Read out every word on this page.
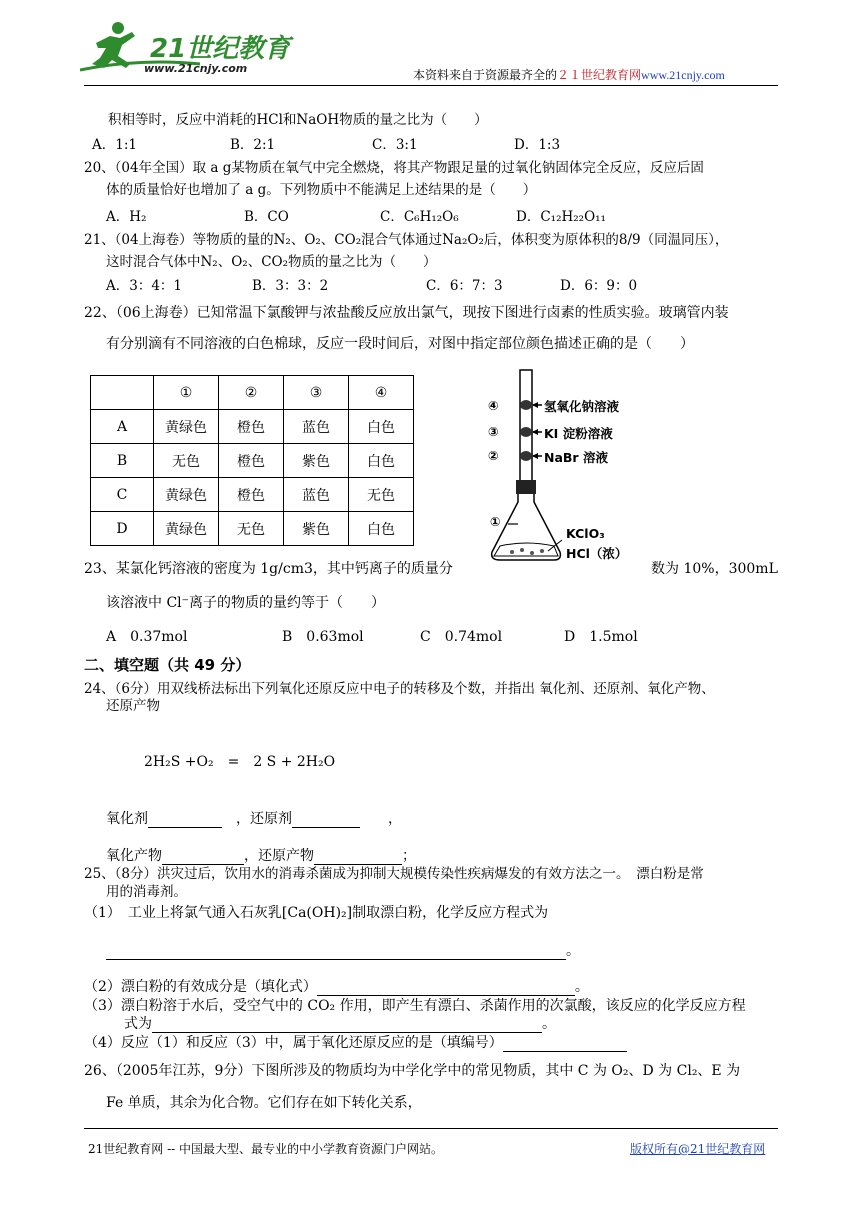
21世纪教育
www.21cnjy.com	本资料来自于资源最齐全的２１世纪教育网www.21cnjy.com
积相等时，反应中消耗的HCl和NaOH物质的量之比为（　　）
A．1:1	B．2:1	C．3:1	D．1:3
20、（04年全国）取 a g某物质在氧气中完全燃烧，将其产物跟足量的过氧化钠固体完全反应，反应后固
体的质量恰好也增加了 a g。下列物质中不能满足上述结果的是（　　）
A．H₂	B．CO	C．C₆H₁₂O₆	D．C₁₂H₂₂O₁₁
21、（04上海卷）等物质的量的N₂、O₂、CO₂混合气体通过Na₂O₂后，体积变为原体积的8/9（同温同压），
这时混合气体中N₂、O₂、CO₂物质的量之比为（　　）
A．3：4：1	B．3：3：2	C．6：7：3	D．6：9：0
22、（06上海卷）已知常温下氯酸钾与浓盐酸反应放出氯气，现按下图进行卤素的性质实验。玻璃管内装
有分别滴有不同溶液的白色棉球，反应一段时间后，对图中指定部位颜色描述正确的是（　　）
	①	②	③	④
A	黄绿色	橙色	蓝色	白色
B	无色	橙色	紫色	白色
C	黄绿色	橙色	蓝色	无色
D	黄绿色	无色	紫色	白色
④
③
②
①
氢氧化钠溶液
KI 淀粉溶液
NaBr 溶液
KClO₃
HCl（浓）
23、某氯化钙溶液的密度为 1g/cm3，其中钙离子的质量分	数为 10%，300mL
该溶液中 Cl⁻离子的物质的量约等于（　　）
A　0.37mol	B　0.63mol	C　0.74mol	D　1.5mol
二、填空题（共 49 分）
24、（6分）用双线桥法标出下列氧化还原反应中电子的转移及个数，并指出 氧化剂、还原剂、氧化产物、
还原产物
2H₂S +O₂　=　2 S + 2H₂O
氧化剂 　	，还原剂 　　	，
氧化产物	，还原产物	；
25、（8分）洪灾过后，饮用水的消毒杀菌成为抑制大规模传染性疾病爆发的有效方法之一。　漂白粉是常
用的消毒剂。
（1）　工业上将氯气通入石灰乳[Ca(OH)₂]制取漂白粉，化学反应方程式为
。
（2）漂白粉的有效成分是（填化式）	。
（3）漂白粉溶于水后，受空气中的 CO₂ 作用，即产生有漂白、杀菌作用的次氯酸，该反应的化学反应方程
式为	。
（4）反应（1）和反应（3）中，属于氧化还原反应的是（填编号）
26、（2005年江苏，9分）下图所涉及的物质均为中学化学中的常见物质，其中 C 为 O₂、D 为 Cl₂、E 为
Fe 单质，其余为化合物。它们存在如下转化关系，
21世纪教育网 -- 中国最大型、最专业的中小学教育资源门户网站。	版权所有@21世纪教育网
